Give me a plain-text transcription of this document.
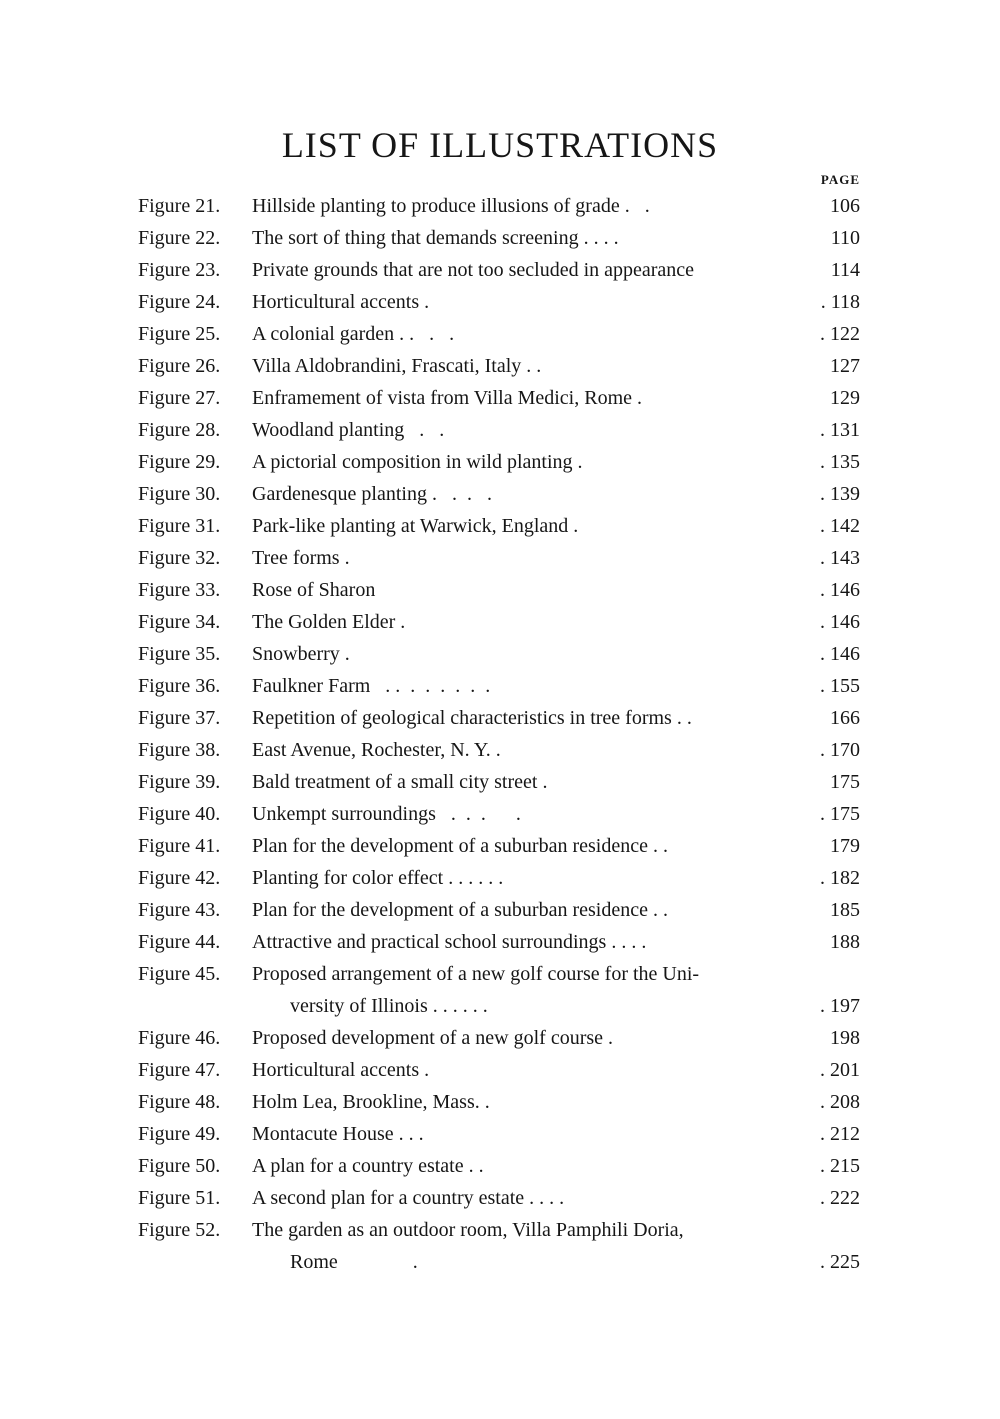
LIST OF ILLUSTRATIONS
PAGE
Figure 21.	Hillside planting to produce illusions of grade .   .	106
Figure 22.	The sort of thing that demands screening . . . .	110
Figure 23.	Private grounds that are not too secluded in appearance	114
Figure 24.	Horticultural accents .	. 118
Figure 25.	A colonial garden . .   .   .	. 122
Figure 26.	Villa Aldobrandini, Frascati, Italy . .	127
Figure 27.	Enframement of vista from Villa Medici, Rome .	129
Figure 28.	Woodland planting   .   .	. 131
Figure 29.	A pictorial composition in wild planting .	. 135
Figure 30.	Gardenesque planting .   .  .   .	. 139
Figure 31.	Park-like planting at Warwick, England .	. 142
Figure 32.	Tree forms .	. 143
Figure 33.	Rose of Sharon	. 146
Figure 34.	The Golden Elder .	. 146
Figure 35.	Snowberry .	. 146
Figure 36.	Faulkner Farm   . .  .  .  .  .  .  .	. 155
Figure 37.	Repetition of geological characteristics in tree forms . .	166
Figure 38.	East Avenue, Rochester, N. Y. .	. 170
Figure 39.	Bald treatment of a small city street .	175
Figure 40.	Unkempt surroundings   .  .  .      .	. 175
Figure 41.	Plan for the development of a suburban residence . .	179
Figure 42.	Planting for color effect . . . . . .	. 182
Figure 43.	Plan for the development of a suburban residence . .	185
Figure 44.	Attractive and practical school surroundings . . . .	188
Figure 45.	Proposed arrangement of a new golf course for the Uni-
versity of Illinois . . . . . .	. 197
Figure 46.	Proposed development of a new golf course .	198
Figure 47.	Horticultural accents .	. 201
Figure 48.	Holm Lea, Brookline, Mass. .	. 208
Figure 49.	Montacute House . . .	. 212
Figure 50.	A plan for a country estate . .	. 215
Figure 51.	A second plan for a country estate . . . .	. 222
Figure 52.	The garden as an outdoor room, Villa Pamphili Doria,
Rome               .	. 225
